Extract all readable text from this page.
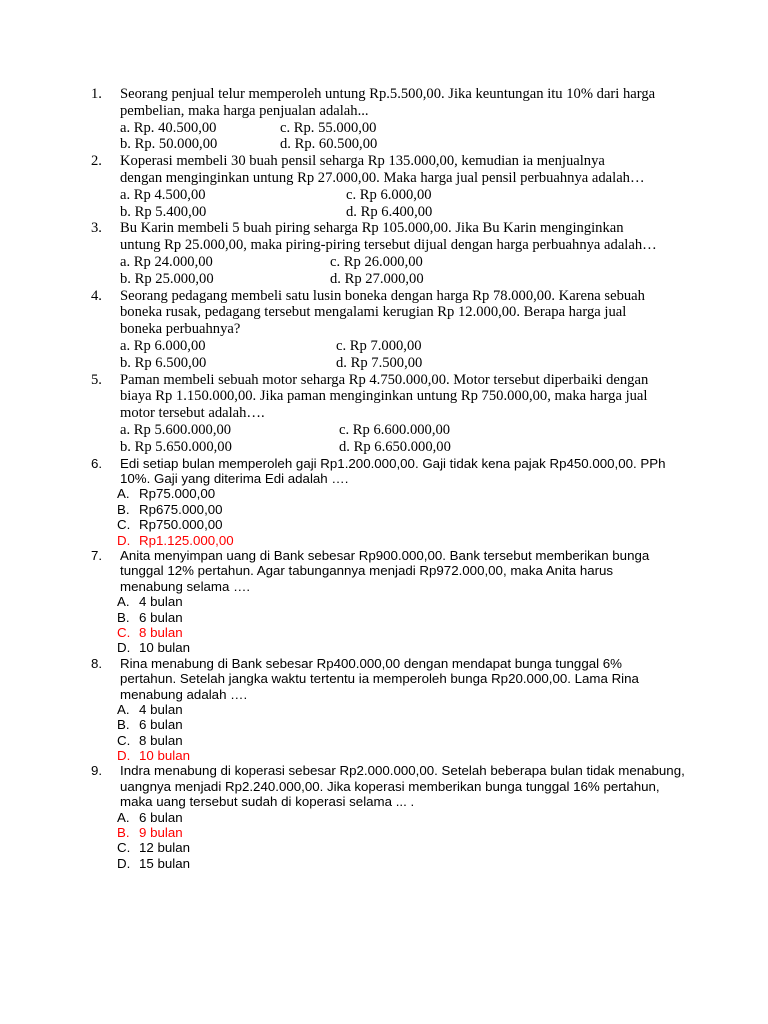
1. Seorang penjual telur memperoleh untung Rp.5.500,00. Jika keuntungan itu 10% dari harga pembelian, maka harga penjualan adalah...
a. Rp. 40.500,00	c. Rp. 55.000,00
b. Rp. 50.000,00	d. Rp. 60.500,00
2. Koperasi membeli 30 buah pensil seharga Rp 135.000,00, kemudian ia menjualnya dengan menginginkan untung Rp 27.000,00. Maka harga jual pensil perbuahnya adalah…
a. Rp 4.500,00	c. Rp 6.000,00
b. Rp 5.400,00	d. Rp 6.400,00
3. Bu Karin membeli 5 buah piring seharga Rp 105.000,00. Jika Bu Karin menginginkan untung Rp 25.000,00, maka piring-piring tersebut dijual dengan harga perbuahnya adalah…
a. Rp 24.000,00	c. Rp 26.000,00
b. Rp 25.000,00	d. Rp 27.000,00
4. Seorang pedagang membeli satu lusin boneka dengan harga Rp 78.000,00. Karena sebuah boneka rusak, pedagang tersebut mengalami kerugian Rp 12.000,00. Berapa harga jual boneka perbuahnya?
a. Rp 6.000,00	c. Rp 7.000,00
b. Rp 6.500,00	d. Rp 7.500,00
5. Paman membeli sebuah motor seharga Rp 4.750.000,00. Motor tersebut diperbaiki dengan biaya Rp 1.150.000,00. Jika paman menginginkan untung Rp 750.000,00, maka harga jual motor tersebut adalah….
a. Rp 5.600.000,00	c. Rp 6.600.000,00
b. Rp 5.650.000,00	d. Rp 6.650.000,00
6. Edi setiap bulan memperoleh gaji Rp1.200.000,00. Gaji tidak kena pajak Rp450.000,00. PPh 10%. Gaji yang diterima Edi adalah ….
A. Rp75.000,00
B. Rp675.000,00
C. Rp750.000,00
D. Rp1.125.000,00
7. Anita menyimpan uang di Bank sebesar Rp900.000,00. Bank tersebut memberikan bunga tunggal 12% pertahun. Agar tabungannya menjadi Rp972.000,00, maka Anita harus menabung selama ….
A. 4 bulan
B. 6 bulan
C. 8 bulan
D. 10 bulan
8. Rina menabung di Bank sebesar Rp400.000,00 dengan mendapat bunga tunggal 6% pertahun. Setelah jangka waktu tertentu ia memperoleh bunga Rp20.000,00. Lama Rina menabung adalah ….
A. 4 bulan
B. 6 bulan
C. 8 bulan
D. 10 bulan
9. Indra menabung di koperasi sebesar Rp2.000.000,00. Setelah beberapa bulan tidak menabung, uangnya menjadi Rp2.240.000,00. Jika koperasi memberikan bunga tunggal 16% pertahun, maka uang tersebut sudah di koperasi selama ... .
A. 6 bulan
B. 9 bulan
C. 12 bulan
D. 15 bulan
